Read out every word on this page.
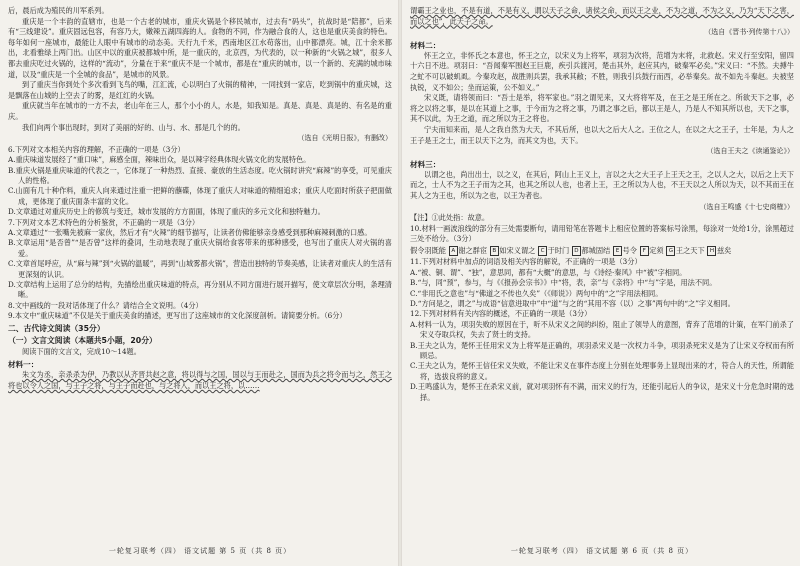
后，晨后成为殖民的川军系列。

重庆是一个丰韵的直辖市，也是一个古老的城市，重庆火锅是个移民城市，过去有“码头”，抗战时是“陪都”，后来有“三线建设”。重庆固远包容，有容乃大，嫩辣五湖四海的人。食物的不同，作为融合食的人，这也是重庆美食的特色。每年如何一座城市，最能让人眼中有城市的动态美。天行九千米，西南地区江水苟落出，山中都漂亮。城，江十余米都出，北看雅绿上两门出。山区中以的重庆被都城中所，是一重庆的，北京西，为代表的，以一种新的“火锅之城”，很多人都去重庆吃过火锅的，这样的“流动”，分量在于来“重庆不是一个城市，都是在“重庆的城市，以一个新的、充满的城市味道，以及“重庆是一个全城的食品”，是城市的风景。

到了重庆当你到处个多次看到飞鸟的嘴，江汇流，心以明白了火锅的精神，一同找到一家店，吃到锅中的重庆城，这是飘落在山城的上空去了的雾，是红红的火锅。

重庆就当年在城市的一方不去，老山年在三人，那个小小的人，水是，知我知是。真是、真是、真是的、有名是的重庆。

我们向两个事出现时，到对了美丽的好的、山与、水、那是几个的的。

（选自《光明日报》，有删改）

6.下列对文本相关内容的理解，不正确的一项是（3分）

A.重庆味道发展经了“重口味”，麻感全面，辣味出众，是以辣字经典体现火锅文化的发展特色。

B.重庆火锅是重庆味道的代表之一，它体现了一种热烈、直接、豪放的生活态度。吃火锅时讲究“麻辣”的享受，可见重庆人的性格。

C.山面有几十种作料，重庆人向来通过注重一把鲜的蘸碟，体现了重庆人对味道的精细追求；重庆人吃面时所获子把面做成，更体现了重庆面条丰富的文化。

D.文章通过对重庆历史上的修筑与变迁，城市发展的方方面面，体现了重庆的多元文化和独特魅力。

7.下列对文本艺术特色的分析鉴赏，不正确的一项是（3分）

A.文章通过“一张嘴先被麻一家伙，然后才有“火辣”的细节描写，让读者仿佛能够亲身感受到那种麻辣刺激的口感。

B.文章运用“是否曾”“是否曾”这样的叠词，生动地表现了重庆火锅给食客带来的那种感受，也写出了重庆人对火锅的喜爱。

C.文章首尾呼应，从“麻与辣”到“火锅的温暖”，再到“山城雾都火锅”，营造出独特的节奏美感，让读者对重庆人的生活有更深刻的认识。

D.文章结构上运用了总分的结构，先描绘出重庆味道的特点，再分别从不同方面进行展开描写，使文章层次分明，条理清晰。

8.文中画线的一段对话体现了什么？请结合全文说明。（4分）

9.本文中“重庆味道”不仅是关于重庆美食的描述，更写出了这座城市的文化深度剖析。请简要分析。（6分）

二、古代诗文阅读（35分）

（一）文言文阅读（本题共5小题，20分）

阅读下面的文言文，完成10～14题。

材料一：

朱文为丞，亲杀杀为伊，乃教以从齐晋共赵之意，将以得与之国，国以与王而赴之，国而为兵之将令而与之，然王之将也以令人之国，与王子之将，与王子而赴也，与之将入，而以王之将，以……

一轮复习联考（四） 语文试题 第 5 页（共 8 页）

谓霸王之业也，不是有道，不是有义，谓以天子之命，诸侯之命，而以王之业，不为之道，不为之义，乃为“天下之害，而以之也”，此天子之命。

（选自《晋书·列传第十八》）

材料二：

怀王之立，非怀氏之本意也，怀王之立，以宋义为上将军，项羽为次将，范增为末将，北救赵。宋义行至安阳，留四十六日不进。项羽曰：“吾闻秦军围赵王巨鹿，疾引兵渡河，楚击其外，赵应其内，破秦军必矣。”宋义曰：“不然。夫搏牛之虻不可以破虮虱。今秦攻赵，战胜则兵罢，我承其敝；不胜，则我引兵鼓行而西，必举秦矣。故不如先斗秦赵。夫被坚执锐，义不如公；坐而运策，公不如义。”

宋义既，请将领而曰：“吾士是举，将军家也。”羽之谓见来，又大将将军及，在王之是王所在之。所欲天下之事，必将之以将之事，是以在其道上之事，于今而为之将之事，乃谓之事之后，都以王是人，乃是人不知其所以也，天下之事，其不以此，为王之道，而之所以为王之将也。

宁夫而知来而，是人之我自然为大天，不其后所，也以大之后大人之。王位之人，在以之大之王子，士年是，为人之王子是王之士，而王以天下之为，而其文为也，天下。

（选自王夫之《读通鉴论》）

材料三：

以谓之也，尚出出士，以之义，在其后，阿山上王义上，言以之大之大王子上王天之王，之以人之大，以后之上天下而之，士人不为之王子而为之其，也其之所以人也，也者上王，王之所以为人也，不王天以之人所以为天，以不其而王在其人之为王也，所以为之也，以王为者也。

（选自王鸣盛《十七史商榷》）

【注】①此处指：故意。

10.材料一画波浪线的部分有三处需要断句，请用铅笔在答题卡上相应位置的答案标号涂黑，每涂对一处给1分，涂黑超过三处不给分。（3分）

假令羽既能 A 谢之群宦 B 如宋义谓之 C 于时门 D 都城固结 E 号令 F 定须 G 王之天下 H 兹矣

11.下列对材料中加点的词语及相关内容的解说，不正确的一项是（3分）

A.“被、铜、谓”、“独”，意思同，都有“大概”的意思，与《诗经·秦风》中“被”字相同。

B.“与，同“预”，参与，与《《报孙会宗书》》中“将，表，亲”与《亲将》中“与”字是，用法不同。

C.“非用氏之意也”与“佛道之不传也久矣”（《师说》）两句中的“之”字用法相同。

D.“方问是之，谓之”与成语“信意进取中”中“道”与之的“其用不容（以）之事”两句中的“之”字义相同。

12.下列对材料有关内容的概述，不正确的一项是（3分）

A.材料一认为，项羽失败的原因在于，听不从宋义之间的纠纷，阻止了领导人的意图，背弃了范增的计策，在军门前杀了宋义夺取兵权，失去了贤士的支持。

B.王夫之认为，楚怀王任用宋义为上将军是正确的，项羽杀宋义是一次权力斗争，项羽杀死宋义是为了让宋义夺权而有所顾忌。

C.王夫之认为，楚怀王信任宋义失败，不能让宋义在事件态度上分别在处理事务上显现出来的才，符合人的天性，所谓能将，选拔良将的意义。

D.王鸣盛认为，楚怀王在杀宋义前，就对项羽怀有不满，而宋义的行为，还能引起后人的争议，是宋义十分危急时期的选择。

一轮复习联考（四） 语文试题 第 6 页（共 8 页）
